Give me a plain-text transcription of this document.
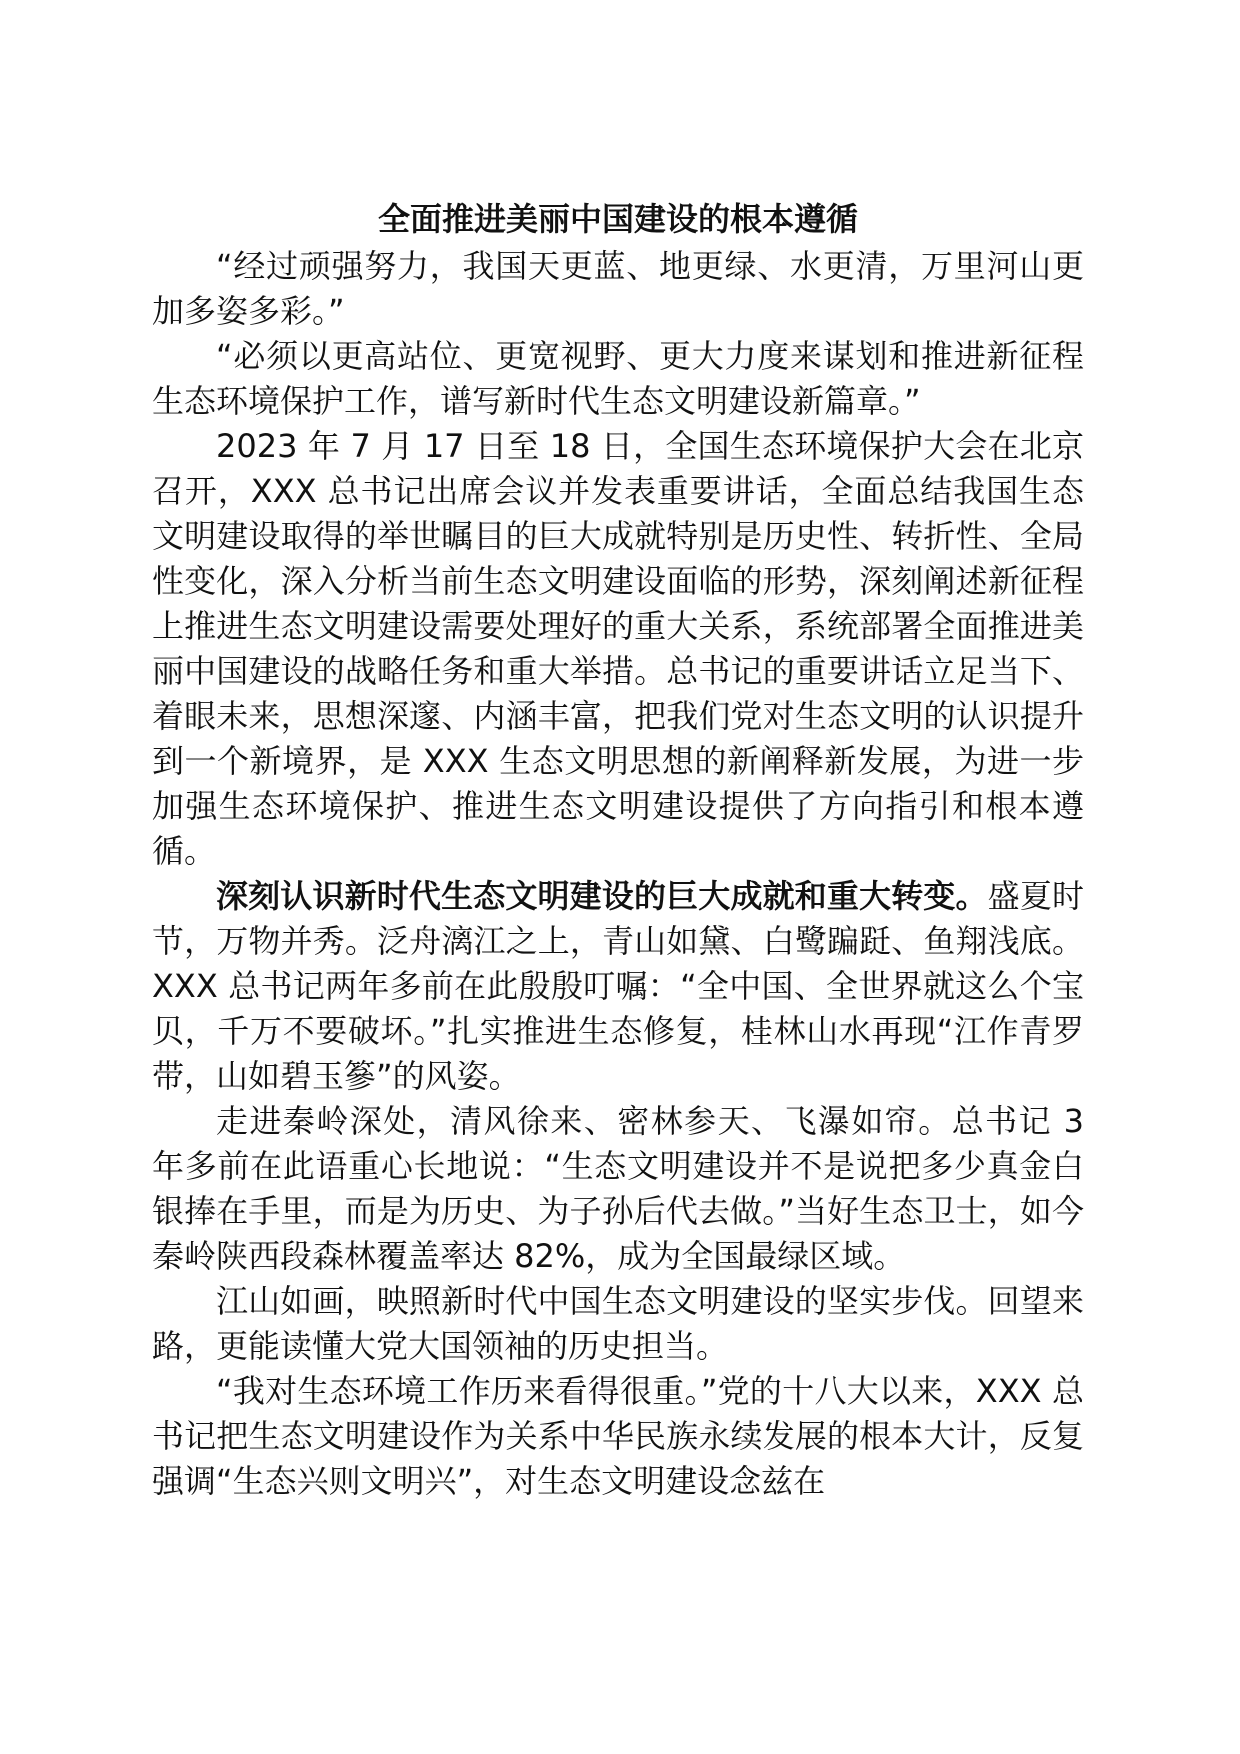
全面推进美丽中国建设的根本遵循

“经过顽强努力，我国天更蓝、地更绿、水更清，万里河山更加多姿多彩。”

“必须以更高站位、更宽视野、更大力度来谋划和推进新征程生态环境保护工作，谱写新时代生态文明建设新篇章。”

2023 年 7 月 17 日至 18 日，全国生态环境保护大会在北京召开，XXX 总书记出席会议并发表重要讲话，全面总结我国生态文明建设取得的举世瞩目的巨大成就特别是历史性、转折性、全局性变化，深入分析当前生态文明建设面临的形势，深刻阐述新征程上推进生态文明建设需要处理好的重大关系，系统部署全面推进美丽中国建设的战略任务和重大举措。总书记的重要讲话立足当下、着眼未来，思想深邃、内涵丰富，把我们党对生态文明的认识提升到一个新境界，是 XXX 生态文明思想的新阐释新发展，为进一步加强生态环境保护、推进生态文明建设提供了方向指引和根本遵循。

深刻认识新时代生态文明建设的巨大成就和重大转变。盛夏时节，万物并秀。泛舟漓江之上，青山如黛、白鹭蹁跹、鱼翔浅底。XXX 总书记两年多前在此殷殷叮嘱：“全中国、全世界就这么个宝贝，千万不要破坏。”扎实推进生态修复，桂林山水再现“江作青罗带，山如碧玉篸”的风姿。

走进秦岭深处，清风徐来、密林参天、飞瀑如帘。总书记 3 年多前在此语重心长地说：“生态文明建设并不是说把多少真金白银捧在手里，而是为历史、为子孙后代去做。”当好生态卫士，如今秦岭陕西段森林覆盖率达 82%，成为全国最绿区域。

江山如画，映照新时代中国生态文明建设的坚实步伐。回望来路，更能读懂大党大国领袖的历史担当。

“我对生态环境工作历来看得很重。”党的十八大以来，XXX 总书记把生态文明建设作为关系中华民族永续发展的根本大计，反复强调“生态兴则文明兴”，对生态文明建设念兹在
